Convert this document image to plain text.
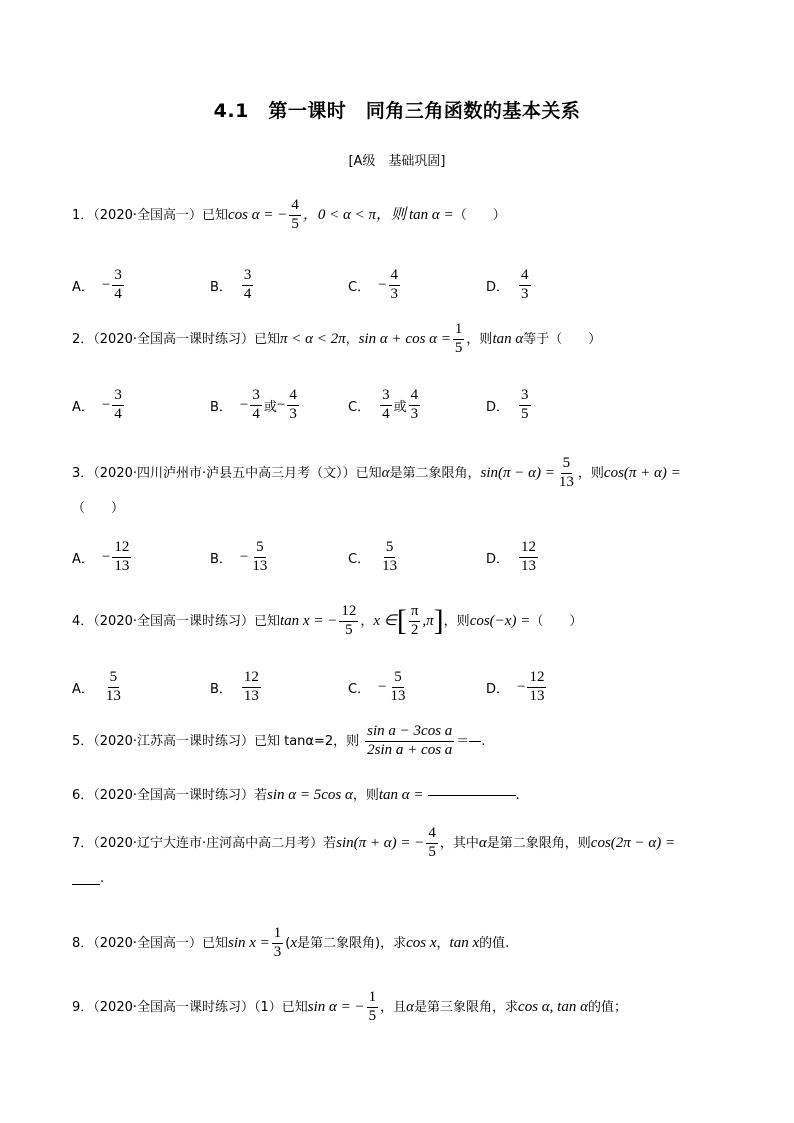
4.1　第一课时　同角三角函数的基本关系
[A级　基础巩固]
1．（2020·全国高一）已知 cos α = − $\frac{4}{5}$ ，0 < α < π，则 tan α = （　　）
A． − $\frac{3}{4}$	B． $\frac{3}{4}$	C． − $\frac{4}{3}$	D． $\frac{4}{3}$
2．（2020·全国高一课时练习）已知 π < α < 2π ， $\sin \alpha + \cos \alpha = \frac{1}{5}$ ，则 tan α 等于（　　）
A． − $\frac{3}{4}$	B． − $\frac{3}{4}$ 或 − $\frac{4}{3}$	C． $\frac{3}{4}$ 或 $\frac{4}{3}$	D． $\frac{3}{5}$
3．（2020·四川泸州市·泸县五中高三月考（文））已知 α 是第二象限角， $\sin(\pi - \alpha) = \frac{5}{13}$ ，则 cos(π + α) =
（　　）
A． − $\frac{12}{13}$	B． − $\frac{5}{13}$	C． $\frac{5}{13}$	D． $\frac{12}{13}$
4．（2020·全国高一课时练习）已知 tan x = − $\frac{12}{5}$ ， x ∈ [ $\frac{\pi}{2} ,\pi$ ] ，则 cos(−x) = （　　）
A． $\frac{5}{13}$	B． $\frac{12}{13}$	C． − $\frac{5}{13}$	D． − $\frac{12}{13}$
5．（2020·江苏高一课时练习）已知 tanα=2，则 $\frac{\text{sin a − 3cos a}}{\text{2sin a + cos a}}$ ＝ .
6．（2020·全国高一课时练习）若 sin α = 5cos α ，则 tan α =	.
7．（2020·辽宁大连市·庄河高中高二月考）若 sin(π + α) = − $\frac{4}{5}$ ，其中 α 是第二象限角，则 cos(2π − α) =
.
8．（2020·全国高一）已知 $\sin x = \frac{1}{3}$ ( x 是第二象限角)，求 cos x ， tan x 的值.
9．（2020·全国高一课时练习）（1）已知 sin α = − $\frac{1}{5}$ ，且 α 是第三象限角，求 cos α, tan α 的值；
